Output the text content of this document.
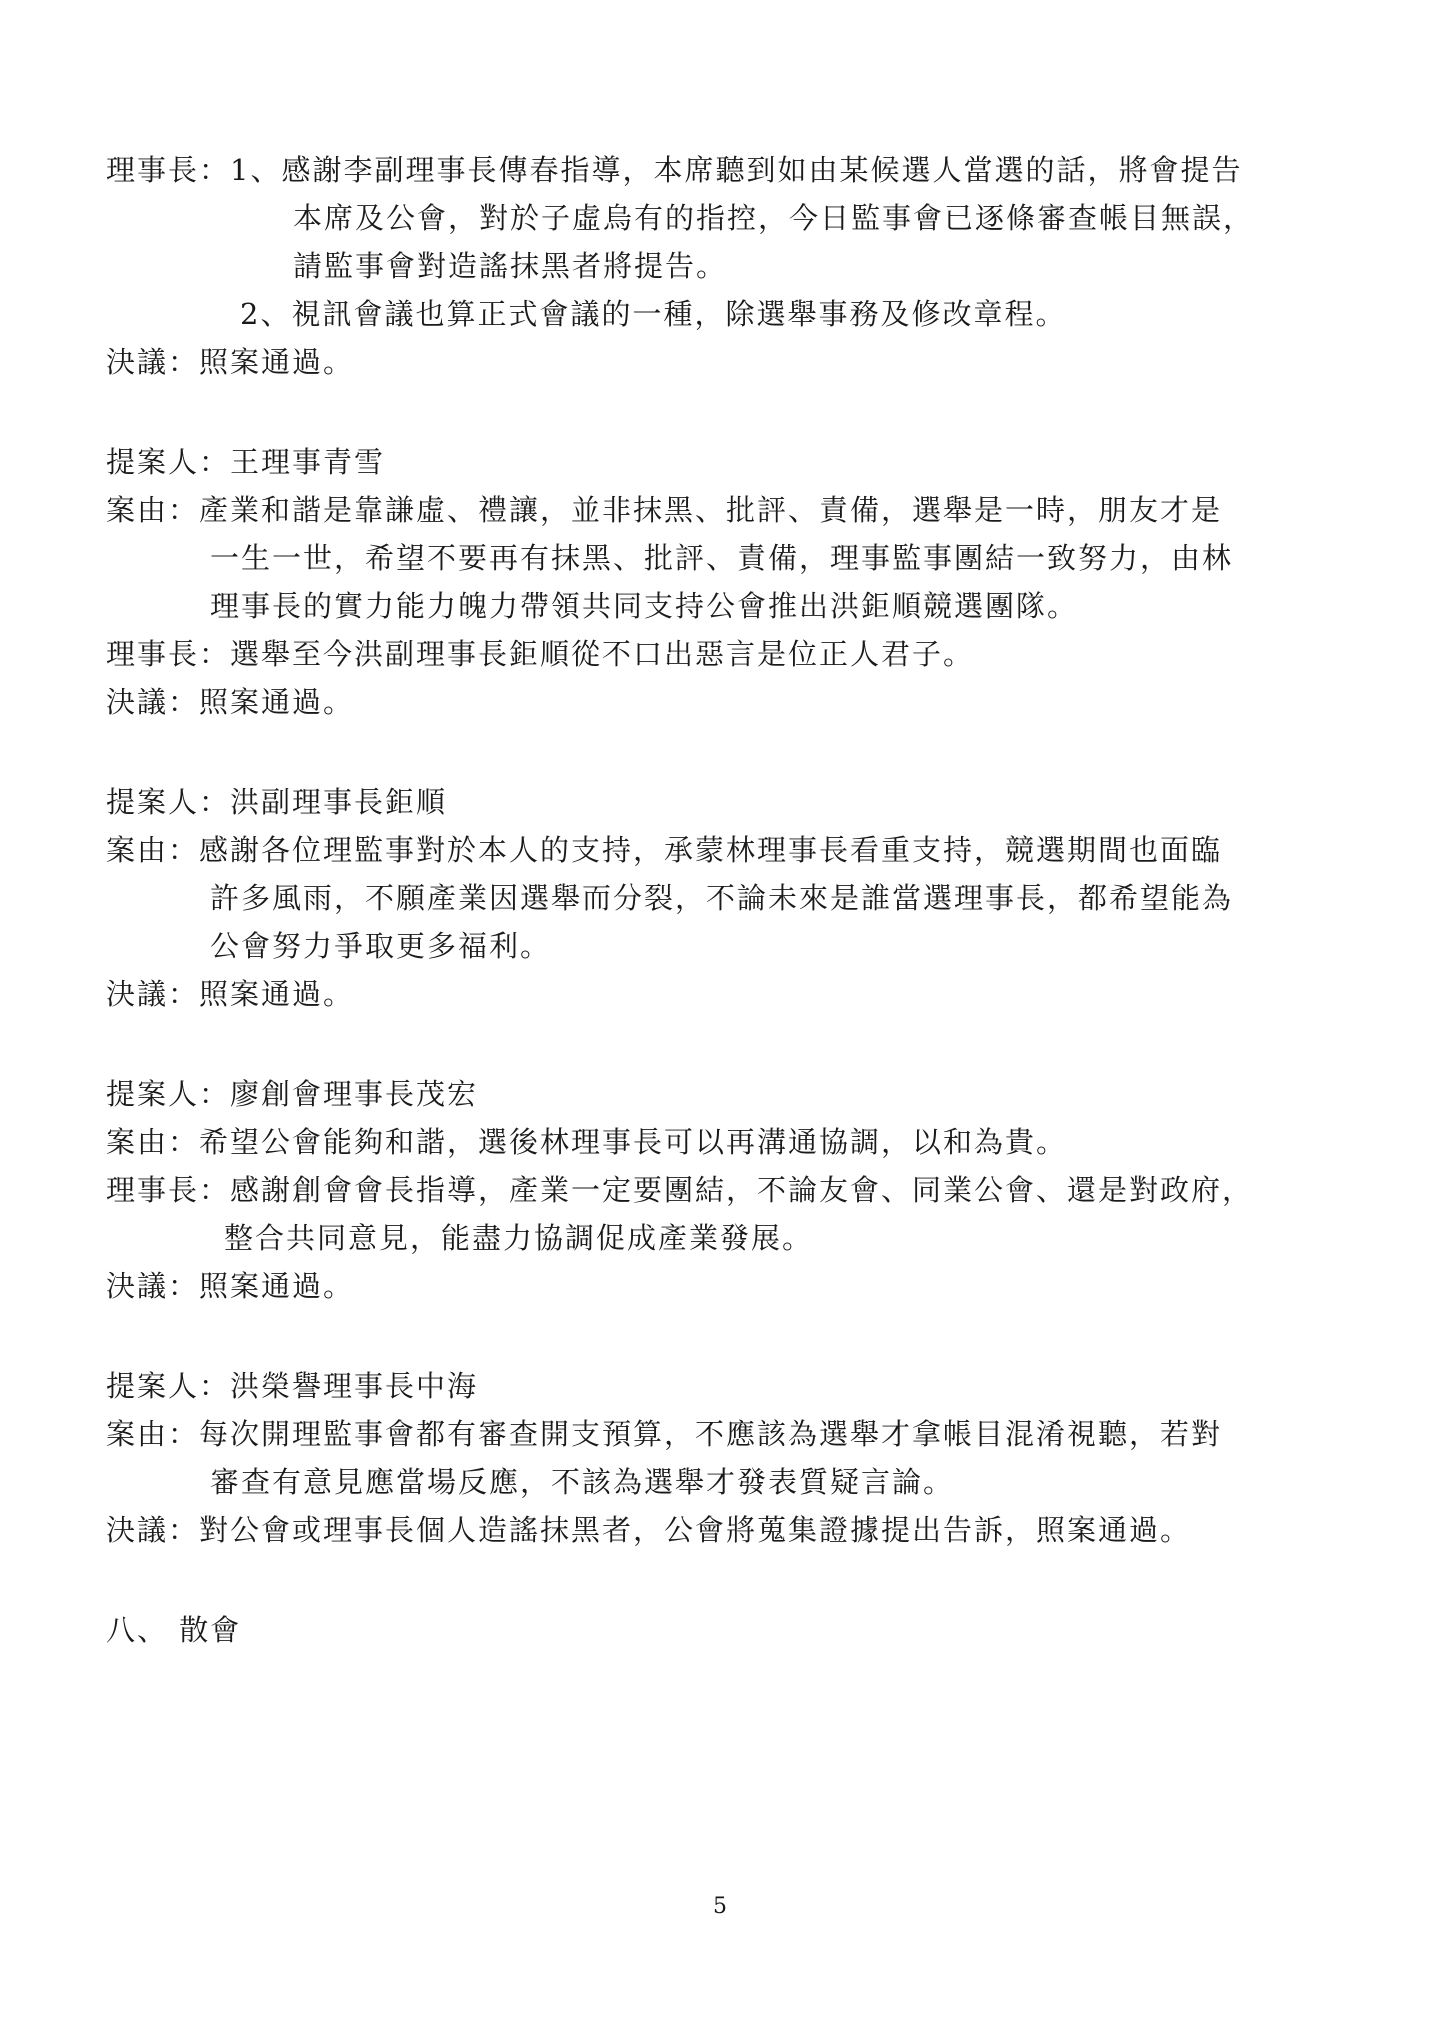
理事長：1、感謝李副理事長傳春指導，本席聽到如由某候選人當選的話，將會提告
本席及公會，對於子虛烏有的指控，今日監事會已逐條審查帳目無誤，
請監事會對造謠抹黑者將提告。
2、視訊會議也算正式會議的一種，除選舉事務及修改章程。
決議：照案通過。
提案人：王理事青雪
案由：產業和諧是靠謙虛、禮讓，並非抹黑、批評、責備，選舉是一時，朋友才是
一生一世，希望不要再有抹黑、批評、責備，理事監事團結一致努力，由林
理事長的實力能力魄力帶領共同支持公會推出洪鉅順競選團隊。
理事長：選舉至今洪副理事長鉅順從不口出惡言是位正人君子。
決議：照案通過。
提案人：洪副理事長鉅順
案由：感謝各位理監事對於本人的支持，承蒙林理事長看重支持，競選期間也面臨
許多風雨，不願產業因選舉而分裂，不論未來是誰當選理事長，都希望能為
公會努力爭取更多福利。
決議：照案通過。
提案人：廖創會理事長茂宏
案由：希望公會能夠和諧，選後林理事長可以再溝通協調，以和為貴。
理事長：感謝創會會長指導，產業一定要團結，不論友會、同業公會、還是對政府，
整合共同意見，能盡力協調促成產業發展。
決議：照案通過。
提案人：洪榮譽理事長中海
案由：每次開理監事會都有審查開支預算，不應該為選舉才拿帳目混淆視聽，若對
審查有意見應當場反應，不該為選舉才發表質疑言論。
決議：對公會或理事長個人造謠抹黑者，公會將蒐集證據提出告訴，照案通過。
八、 散會
5
